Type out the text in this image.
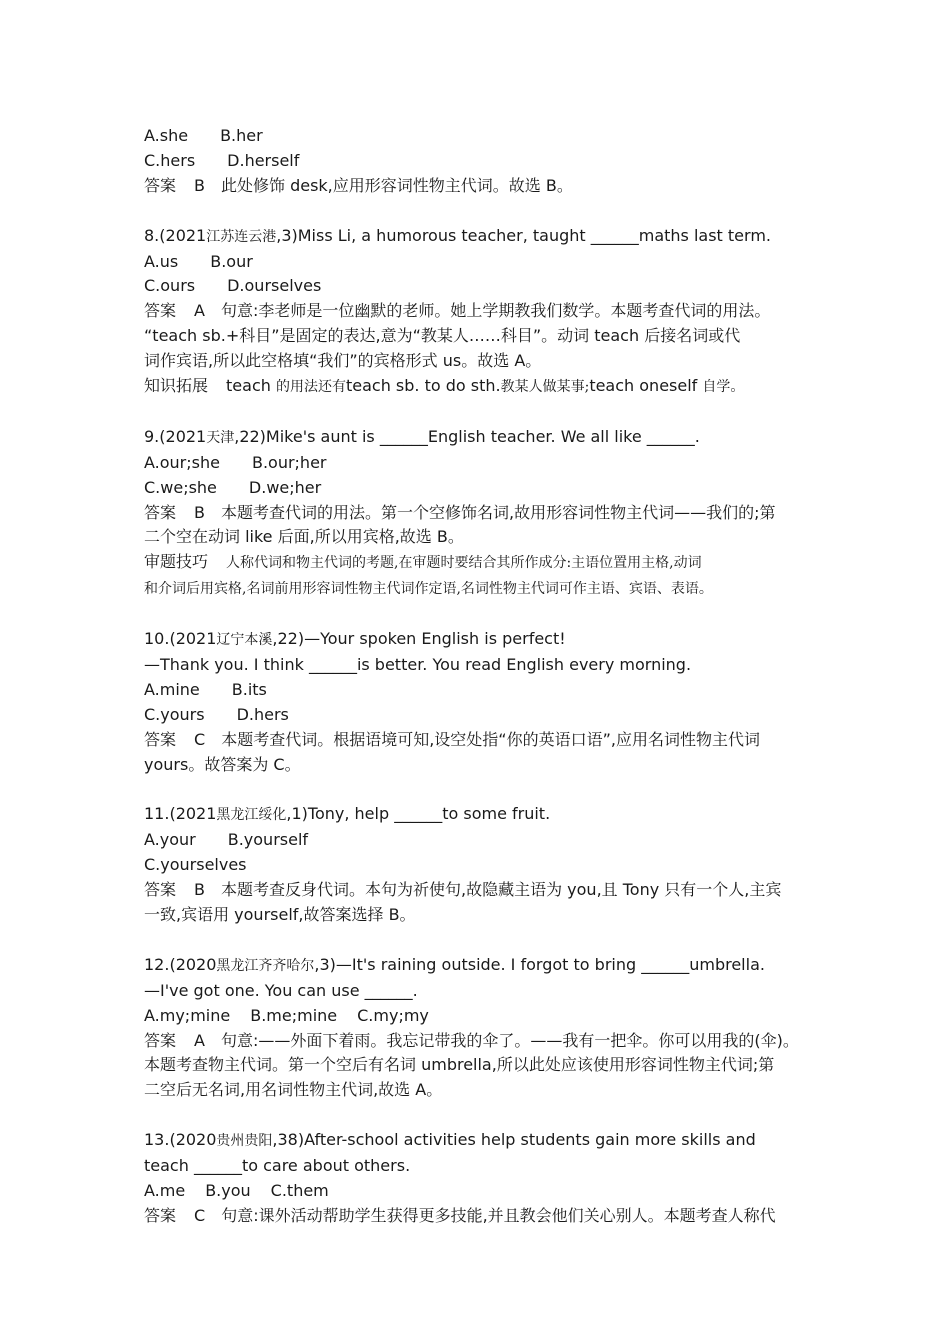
A.she B.her
C.hers D.herself
答案 B　此处修饰 desk,应用形容词性物主代词。故选 B。
8.(2021江苏连云港,3)Miss Li, a humorous teacher, taught ______maths last term.
A.us B.our
C.ours D.ourselves
答案 A　句意:李老师是一位幽默的老师。她上学期教我们数学。本题考查代词的用法。
“teach sb.+科目”是固定的表达,意为“教某人……科目”。动词 teach 后接名词或代
词作宾语,所以此空格填“我们”的宾格形式 us。故选 A。
知识拓展 teach 的用法还有teach sb. to do sth.教某人做某事;teach oneself 自学。
9.(2021天津,22)Mike's aunt is ______English teacher. We all like ______.
A.our;she B.our;her
C.we;she D.we;her
答案 B　本题考查代词的用法。第一个空修饰名词,故用形容词性物主代词——我们的;第
二个空在动词 like 后面,所以用宾格,故选 B。
审题技巧 人称代词和物主代词的考题,在审题时要结合其所作成分:主语位置用主格,动词
和介词后用宾格,名词前用形容词性物主代词作定语,名词性物主代词可作主语、宾语、表语。
10.(2021辽宁本溪,22)—Your spoken English is perfect!
—Thank you. I think ______is better. You read English every morning.
A.mine B.its
C.yours D.hers
答案 C　本题考查代词。根据语境可知,设空处指“你的英语口语”,应用名词性物主代词
yours。故答案为 C。
11.(2021黑龙江绥化,1)Tony, help ______to some fruit.
A.your B.yourself
C.yourselves
答案 B　本题考查反身代词。本句为祈使句,故隐藏主语为 you,且 Tony 只有一个人,主宾
一致,宾语用 yourself,故答案选择 B。
12.(2020黑龙江齐齐哈尔,3)—It's raining outside. I forgot to bring ______umbrella.
—I've got one. You can use ______.
A.my;mine B.me;mine C.my;my
答案 A　句意:——外面下着雨。我忘记带我的伞了。——我有一把伞。你可以用我的(伞)。
本题考查物主代词。第一个空后有名词 umbrella,所以此处应该使用形容词性物主代词;第
二空后无名词,用名词性物主代词,故选 A。
13.(2020贵州贵阳,38)After-school activities help students gain more skills and
teach ______to care about others.
A.me B.you C.them
答案 C　句意:课外活动帮助学生获得更多技能,并且教会他们关心别人。本题考查人称代
